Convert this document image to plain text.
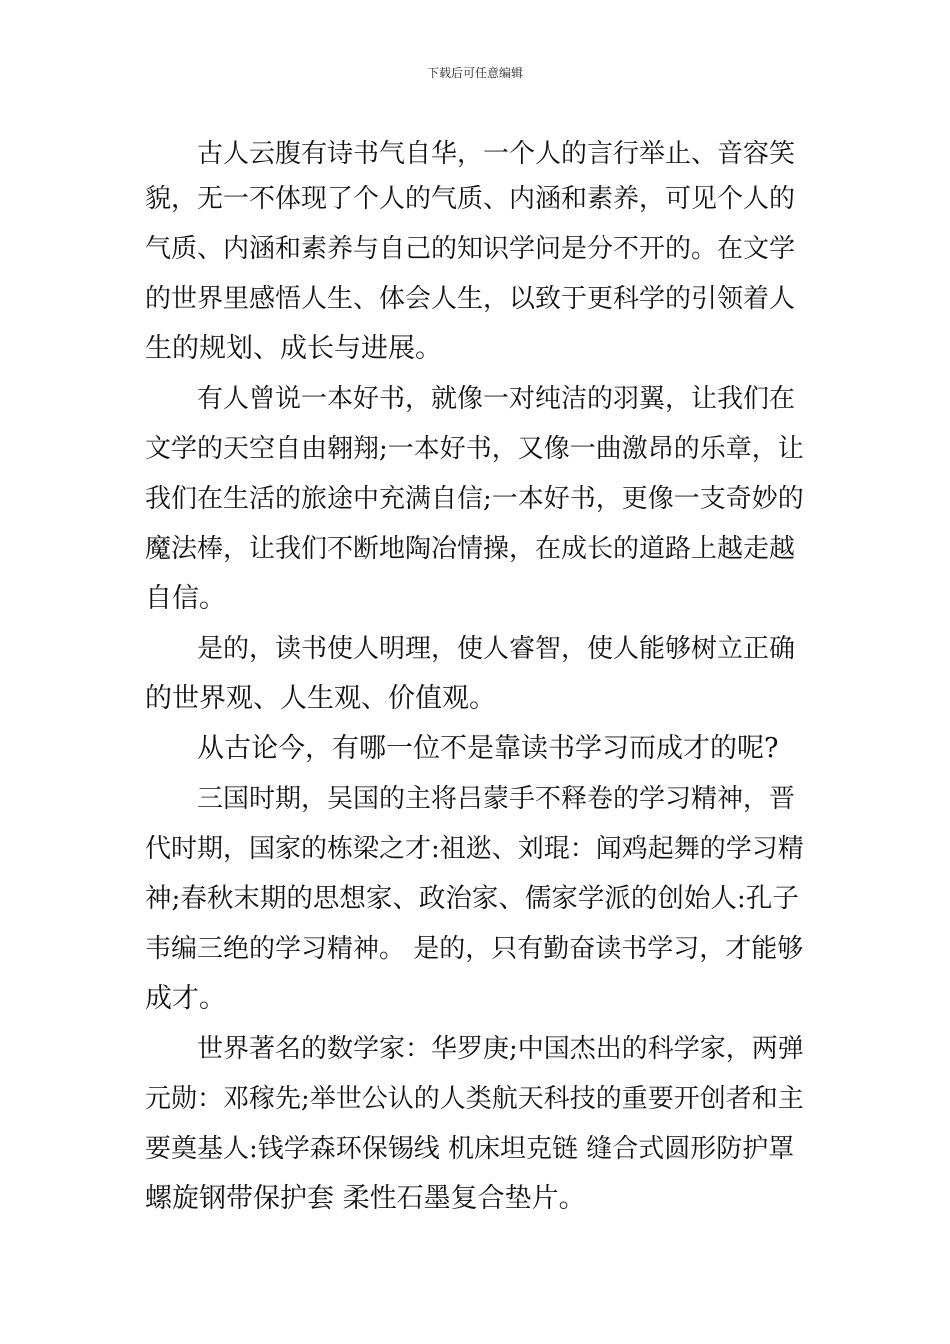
下载后可任意编辑
古人云腹有诗书气自华，一个人的言行举止、音容笑
貌，无一不体现了个人的气质、内涵和素养，可见个人的
气质、内涵和素养与自己的知识学问是分不开的。在文学
的世界里感悟人生、体会人生，以致于更科学的引领着人
生的规划、成长与进展。
有人曾说一本好书，就像一对纯洁的羽翼，让我们在
文学的天空自由翱翔;一本好书，又像一曲激昂的乐章，让
我们在生活的旅途中充满自信;一本好书，更像一支奇妙的
魔法棒，让我们不断地陶冶情操，在成长的道路上越走越
自信。
是的，读书使人明理，使人睿智，使人能够树立正确
的世界观、人生观、价值观。
从古论今，有哪一位不是靠读书学习而成才的呢?
三国时期，吴国的主将吕蒙手不释卷的学习精神，晋
代时期，国家的栋梁之才:祖逖、刘琨：闻鸡起舞的学习精
神;春秋末期的思想家、政治家、儒家学派的创始人:孔子
韦编三绝的学习精神。 是的，只有勤奋读书学习，才能够
成才。
世界著名的数学家：华罗庚;中国杰出的科学家，两弹
元勋：邓稼先;举世公认的人类航天科技的重要开创者和主
要奠基人:钱学森环保锡线 机床坦克链 缝合式圆形防护罩
螺旋钢带保护套 柔性石墨复合垫片。
